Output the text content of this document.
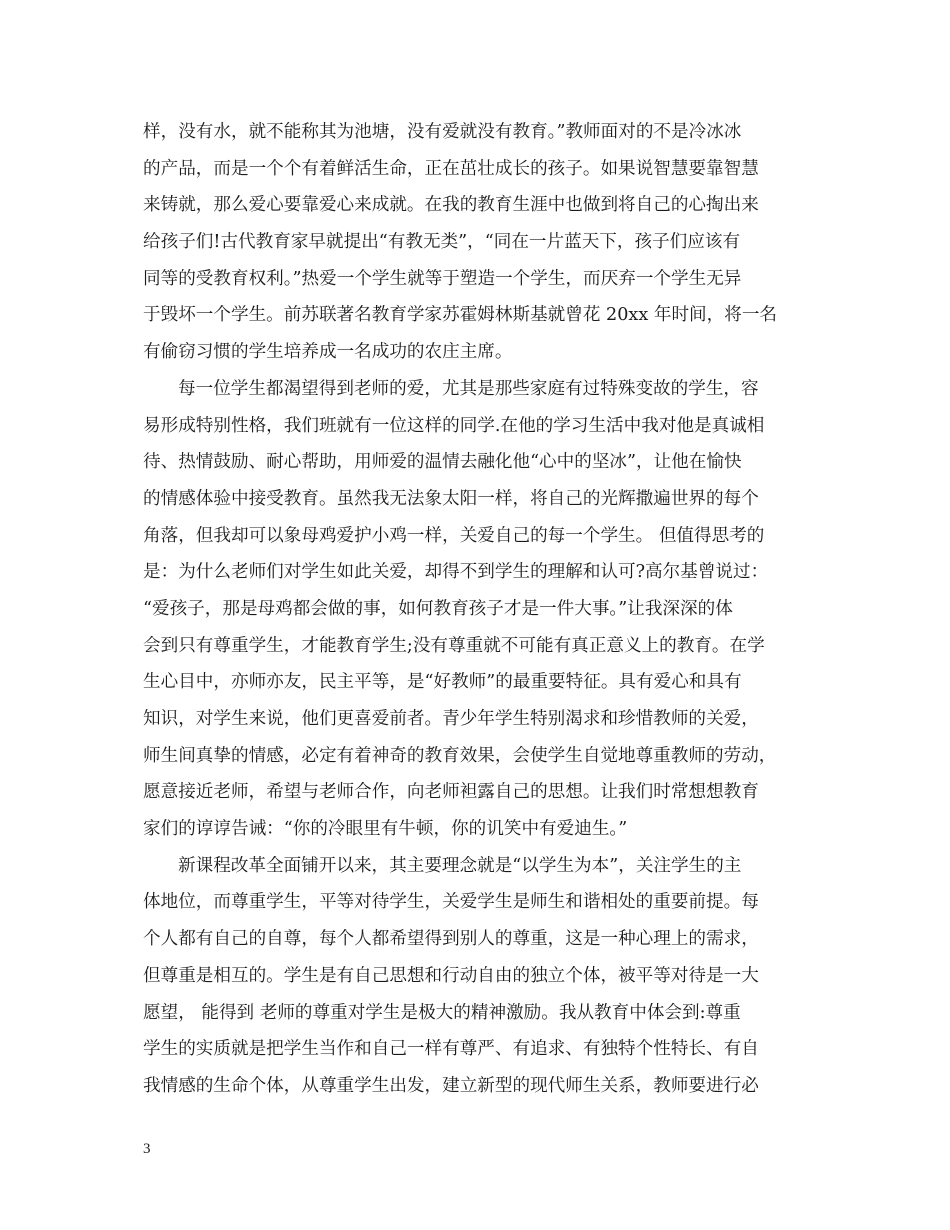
样，没有水，就不能称其为池塘，没有爱就没有教育。”教师面对的不是冷冰冰
的产品，而是一个个有着鲜活生命，正在茁壮成长的孩子。如果说智慧要靠智慧
来铸就，那么爱心要靠爱心来成就。在我的教育生涯中也做到将自己的心掏出来
给孩子们!古代教育家早就提出“有教无类”，“同在一片蓝天下，孩子们应该有
同等的受教育权利。”热爱一个学生就等于塑造一个学生，而厌弃一个学生无异
于毁坏一个学生。前苏联著名教育学家苏霍姆林斯基就曾花 20xx 年时间，将一名
有偷窃习惯的学生培养成一名成功的农庄主席。
每一位学生都渴望得到老师的爱，尤其是那些家庭有过特殊变故的学生，容
易形成特别性格，我们班就有一位这样的同学.在他的学习生活中我对他是真诚相
待、热情鼓励、耐心帮助，用师爱的温情去融化他“心中的坚冰”，让他在愉快
的情感体验中接受教育。虽然我无法象太阳一样，将自己的光辉撒遍世界的每个
角落，但我却可以象母鸡爱护小鸡一样，关爱自己的每一个学生。 但值得思考的
是：为什么老师们对学生如此关爱，却得不到学生的理解和认可?高尔基曾说过：
“爱孩子，那是母鸡都会做的事，如何教育孩子才是一件大事。”让我深深的体
会到只有尊重学生，才能教育学生;没有尊重就不可能有真正意义上的教育。在学
生心目中，亦师亦友，民主平等，是“好教师”的最重要特征。具有爱心和具有
知识，对学生来说，他们更喜爱前者。青少年学生特别渴求和珍惜教师的关爱，
师生间真挚的情感，必定有着神奇的教育效果，会使学生自觉地尊重教师的劳动，
愿意接近老师，希望与老师合作，向老师袒露自己的思想。让我们时常想想教育
家们的谆谆告诫：“你的冷眼里有牛顿，你的讥笑中有爱迪生。”
新课程改革全面铺开以来，其主要理念就是“以学生为本”，关注学生的主
体地位，而尊重学生，平等对待学生，关爱学生是师生和谐相处的重要前提。每
个人都有自己的自尊，每个人都希望得到别人的尊重，这是一种心理上的需求，
但尊重是相互的。学生是有自己思想和行动自由的独立个体，被平等对待是一大
愿望， 能得到 老师的尊重对学生是极大的精神激励。我从教育中体会到:尊重
学生的实质就是把学生当作和自己一样有尊严、有追求、有独特个性特长、有自
我情感的生命个体，从尊重学生出发，建立新型的现代师生关系，教师要进行必
3
